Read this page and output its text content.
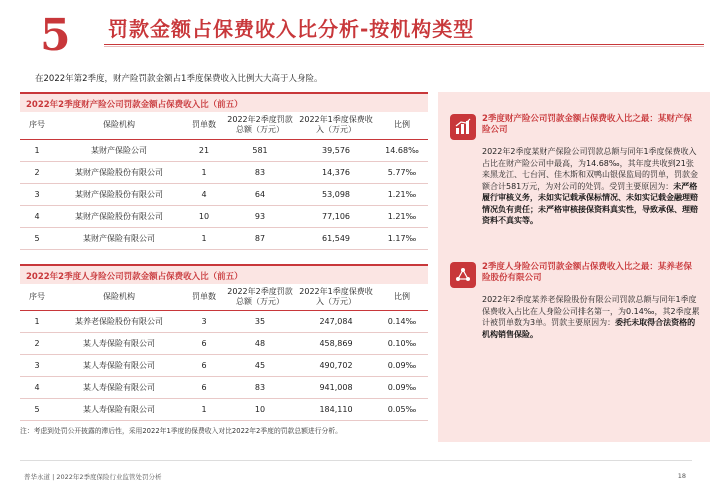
5 罚款金额占保费收入比分析-按机构类型
在2022年第2季度，财产险罚款金额占1季度保费收入比例大大高于人身险。
2022年2季度财产险公司罚款金额占保费收入比（前五）
序号	保险机构	罚单数	2022年2季度罚款总额（万元）	2022年1季度保费收入（万元）	比例
1	某财产保险公司	21	581	39,576	14.68‰
2	某财产保险股份有限公司	1	83	14,376	5.77‰
3	某财产保险股份有限公司	4	64	53,098	1.21‰
4	某财产保险股份有限公司	10	93	77,106	1.21‰
5	某财产保险有限公司	1	87	61,549	1.17‰
2022年2季度人身险公司罚款金额占保费收入比（前五）
序号	保险机构	罚单数	2022年2季度罚款总额（万元）	2022年1季度保费收入（万元）	比例
1	某养老保险股份有限公司	3	35	247,084	0.14‰
2	某人寿保险有限公司	6	48	458,869	0.10‰
3	某人寿保险有限公司	6	45	490,702	0.09‰
4	某人寿保险有限公司	6	83	941,008	0.09‰
5	某人寿保险有限公司	1	10	184,110	0.05‰
2季度财产险公司罚款金额占保费收入比之最：某财产保险公司
2022年2季度某财产保险公司罚款总额与同年1季度保费收入占比在财产险公司中最高，为14.68‰，其年度共收到21张来黑龙江、七台河、佳木斯和双鸭山银保监局的罚单，罚款金额合计581万元，为对公司的处罚。受罚主要原因为：未严格履行审核义务，未如实记载承保标情况、未如实记载金融理赔情况负有责任；未严格审核接保资料真实性，导致承保、理赔资料不真实等。
2季度人身险公司罚款金额占保费收入比之最：某养老保险股份有限公司
2022年2季度某养老保险股份有限公司罚款总额与同年1季度保费收入占比在人身险公司排名第一，为0.14‰，其2季度累计被罚单数为3单。罚款主要原因为：委托未取得合法资格的机构销售保险。
注：考虑到处罚公开披露的滞后性，采用2022年1季度的保费收入对比2022年2季度的罚款总额进行分析。
普华永道 | 2022年2季度保险行业监管处罚分析	18
